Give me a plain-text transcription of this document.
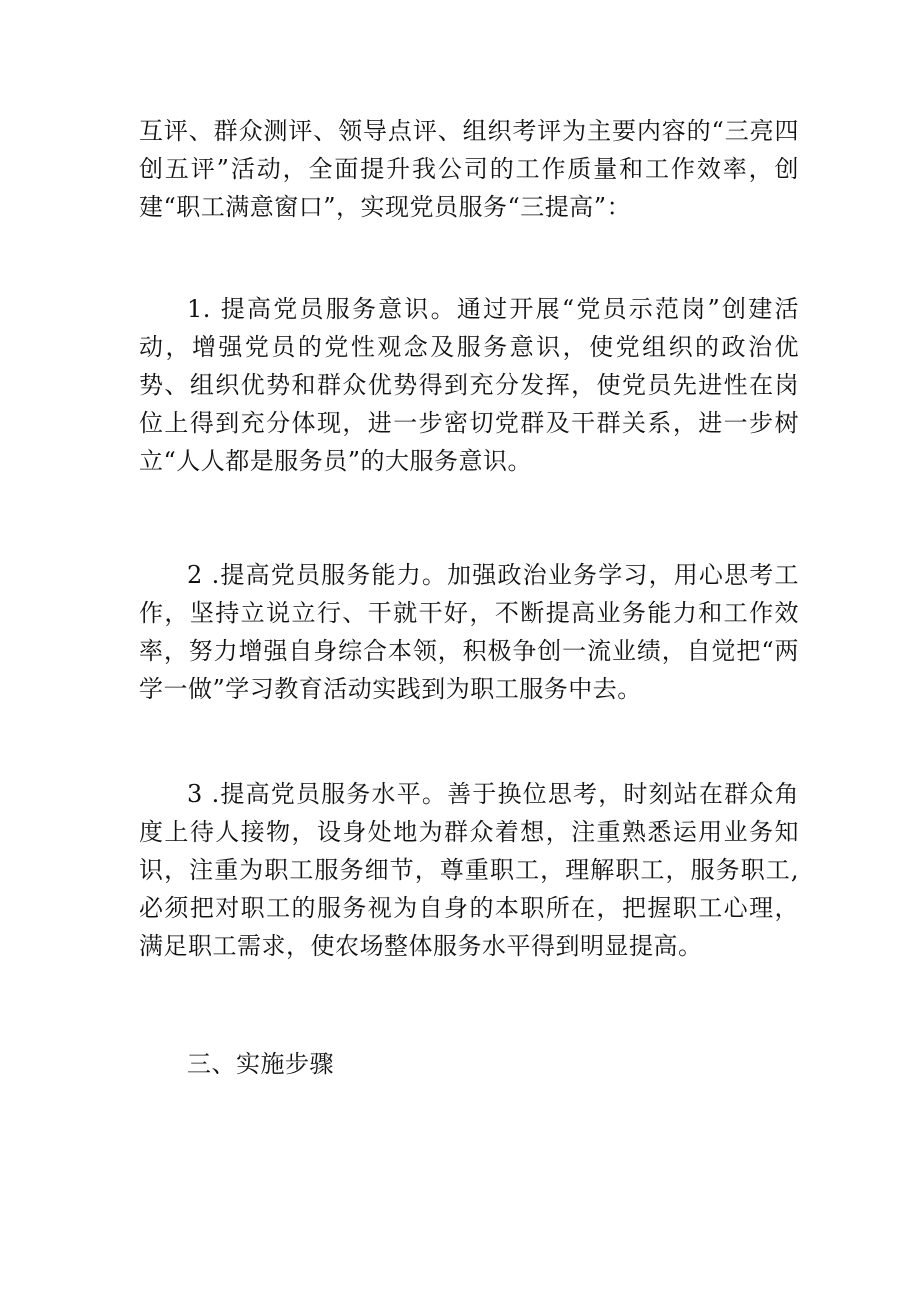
互评、群众测评、领导点评、组织考评为主要内容的“三亮四创五评”活动，全面提升我公司的工作质量和工作效率，创建“职工满意窗口”，实现党员服务“三提高”：

1. 提高党员服务意识。通过开展“党员示范岗”创建活动，增强党员的党性观念及服务意识，使党组织的政治优势、组织优势和群众优势得到充分发挥，使党员先进性在岗位上得到充分体现，进一步密切党群及干群关系，进一步树立“人人都是服务员”的大服务意识。

2 .提高党员服务能力。加强政治业务学习，用心思考工作，坚持立说立行、干就干好，不断提高业务能力和工作效率，努力增强自身综合本领，积极争创一流业绩，自觉把“两学一做”学习教育活动实践到为职工服务中去。

3 .提高党员服务水平。善于换位思考，时刻站在群众角度上待人接物，设身处地为群众着想，注重熟悉运用业务知识，注重为职工服务细节，尊重职工，理解职工，服务职工,必须把对职工的服务视为自身的本职所在，把握职工心理，满足职工需求，使农场整体服务水平得到明显提高。

三、实施步骤
